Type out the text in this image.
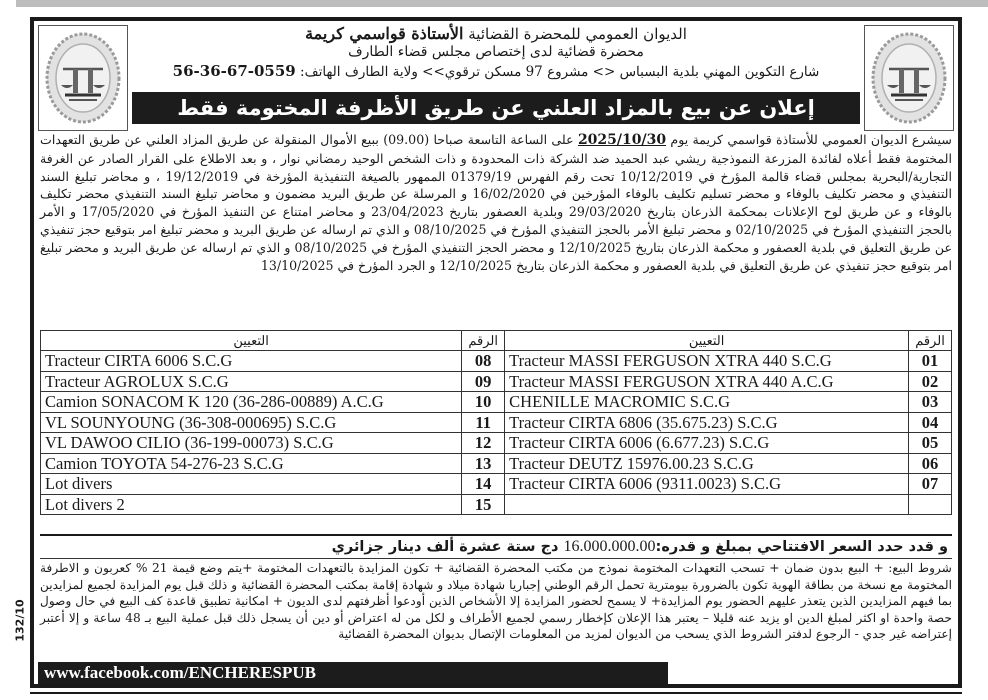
الديوان العمومي للمحضرة القضائية الأستاذة قواسمي كريمة
محضرة قضائية لدى إختصاص مجلس قضاء الطارف
شارع التكوين المهني بلدية البسباس <> مشروع 97 مسكن ترقوي>> ولاية الطارف الهاتف: 0559-67-36-56
إعلان عن بيع بالمزاد العلني عن طريق الأظرفة المختومة فقط
سيشرع الديوان العمومي للأستاذة قواسمي كريمة يوم 2025/10/30 على الساعة التاسعة صباحا (09.00) ببيع الأموال المنقولة عن طريق المزاد العلني عن طريق التعهدات المختومة فقط أعلاه لفائدة المزرعة النموذجية ريشي عبد الحميد ضد الشركة ذات المحدودة و ذات الشخص الوحيد رمضاني نوار ، و بعد الاطلاع على القرار الصادر عن الغرفة التجارية/البحرية بمجلس قضاء قالمة المؤرخ في 10/12/2019 تحت رقم الفهرس 01379/19 الممهور بالصيغة التنفيذية المؤرخة في 19/12/2019 ، و محاضر تبليغ السند التنفيذي و محضر تكليف بالوفاء و محضر تسليم تكليف بالوفاء المؤرخين في 16/02/2020 و المرسلة عن طريق البريد مضمون و محاضر تبليغ السند التنفيذي محضر تكليف بالوفاء و عن طريق لوح الإعلانات بمحكمة الذرعان بتاريخ 29/03/2020 وبلدية العصفور بتاريخ 23/04/2023 و محاضر امتناع عن التنفيذ المؤرخ في 17/05/2020 و الأمر بالحجز التنفيذي المؤرخ في 02/10/2025 و محضر تبليغ الأمر بالحجز التنفيذي المؤرخ في 08/10/2025 و الذي تم ارساله عن طريق البريد و محضر تبليغ امر بتوقيع حجز تنفيذي عن طريق التعليق في بلدية العصفور و محكمة الذرعان بتاريخ 12/10/2025 و محضر الحجز التنفيذي المؤرخ في 08/10/2025 و الذي تم ارساله عن طريق البريد و محضر تبليغ امر بتوقيع حجز تنفيذي عن طريق التعليق في بلدية العصفور و محكمة الذرعان بتاريخ 12/10/2025 و الجرد المؤرخ في 13/10/2025
التعيين	الرقم	التعيين	الرقم
Tracteur CIRTA 6006 S.C.G	08	Tracteur MASSI FERGUSON XTRA 440 S.C.G	01
Tracteur AGROLUX S.C.G	09	Tracteur MASSI FERGUSON XTRA 440 A.C.G	02
Camion SONACOM K 120 (36-286-00889) A.C.G	10	CHENILLE MACROMIC S.C.G	03
VL SOUNYOUNG (36-308-000695) S.C.G	11	Tracteur CIRTA 6806 (35.675.23) S.C.G	04
VL DAWOO CILIO (36-199-00073) S.C.G	12	Tracteur CIRTA 6006 (6.677.23) S.C.G	05
Camion TOYOTA 54-276-23 S.C.G	13	Tracteur DEUTZ 15976.00.23 S.C.G	06
Lot divers	14	Tracteur CIRTA 6006 (9311.0023) S.C.G	07
Lot divers 2	15		
و قدد حدد السعر الافتتاحي بمبلغ و قدره:16.000.000.00 دج ستة عشرة ألف دينار جزائري
شروط البيع: + البيع بدون ضمان + تسحب التعهدات المختومة نموذج من مكتب المحضرة القضائية + تكون المزايدة بالتعهدات المختومة +يتم وضع قيمة 21 % كعربون و الاطرفة المختومة مع نسخة من بطاقة الهوية تكون بالضرورة بيومترية تحمل الرقم الوطني إجباريا شهادة ميلاد و شهادة إقامة بمكتب المحضرة القضائية و ذلك قبل يوم المزايدة لجميع لمزايدين بما فيهم المزايدين الذين يتعذر عليهم الحضور يوم المزايدة+ لا يسمح لحضور المزايدة إلا الأشخاص الذين أودعوا أظرفتهم لدى الديون + امكانية تطبيق قاعدة كف البيع في حال وصول حصة واحدة او اكثر لمبلغ الدين او يزيد عنه قليلا – يعتبر هذا الإعلان كإخطار رسمي لجميع الأطراف و لكل من له اعتراض أو دين أن يسجل ذلك قبل عملية البيع بـ 48 ساعة و إلا أعتبر إعتراضه غير جدي - الرجوع لدفتر الشروط الذي يسحب من الديوان لمزيد من المعلومات الإتصال بديوان المحضرة القضائية
www.facebook.com/ENCHERESPUB
132/10
